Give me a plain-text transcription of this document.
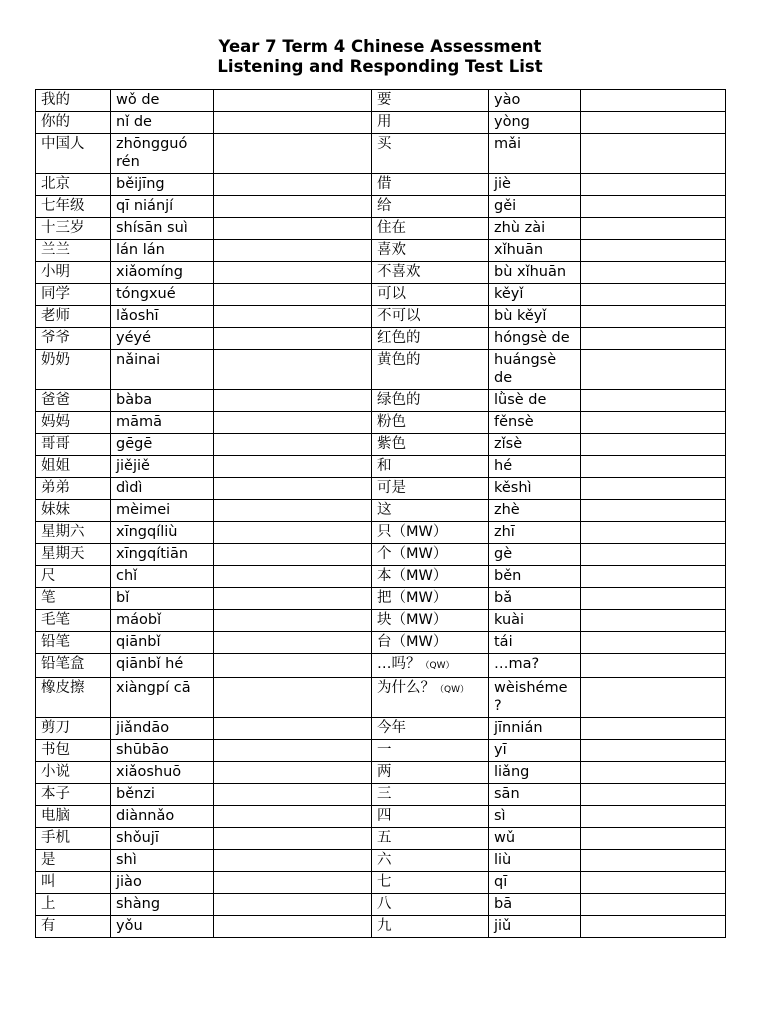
Year 7 Term 4 Chinese Assessment
Listening and Responding Test List
我的	wǒ de		要	yào	
你的	nǐ de		用	yòng	
中国人	zhōngguó rén		买	mǎi	
北京	běijīng		借	jiè	
七年级	qī niánjí		给	gěi	
十三岁	shísān suì		住在	zhù zài	
兰兰	lán lán		喜欢	xǐhuān	
小明	xiǎomíng		不喜欢	bù xǐhuān	
同学	tóngxué		可以	kěyǐ	
老师	lǎoshī		不可以	bù kěyǐ	
爷爷	yéyé		红色的	hóngsè de	
奶奶	nǎinai		黄色的	huángsè de	
爸爸	bàba		绿色的	lǜsè de	
妈妈	māmā		粉色	fěnsè	
哥哥	gēgē		紫色	zǐsè	
姐姐	jiějiě		和	hé	
弟弟	dìdì		可是	kěshì	
妹妹	mèimei		这	zhè	
星期六	xīngqíliù		只（MW）	zhī	
星期天	xīngqítiān		个（MW）	gè	
尺	chǐ		本（MW）	běn	
笔	bǐ		把（MW）	bǎ	
毛笔	máobǐ		块（MW）	kuài	
铅笔	qiānbǐ		台（MW）	tái	
铅笔盒	qiānbǐ hé		…吗？（QW）	…ma?	
橡皮擦	xiàngpí cā		为什么？（QW）	wèishéme ?	
剪刀	jiǎndāo		今年	jīnnián	
书包	shūbāo		一	yī	
小说	xiǎoshuō		两	liǎng	
本子	běnzi		三	sān	
电脑	diànnǎo		四	sì	
手机	shǒujī		五	wǔ	
是	shì		六	liù	
叫	jiào		七	qī	
上	shàng		八	bā	
有	yǒu		九	jiǔ	
